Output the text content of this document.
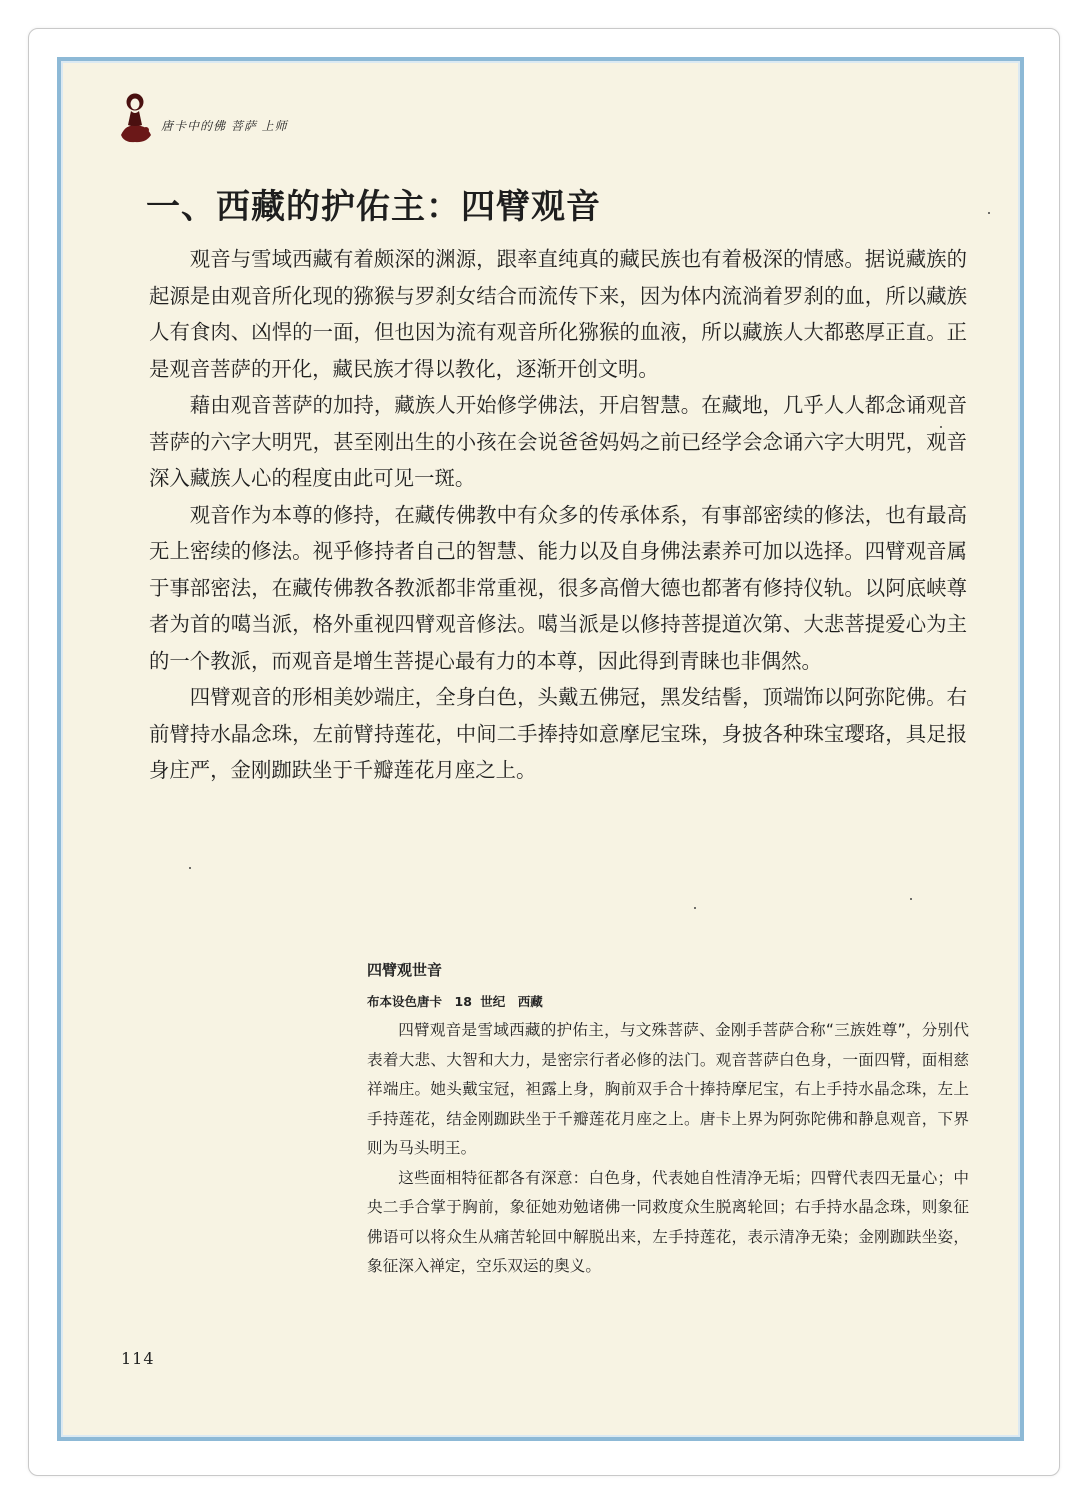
唐卡中的佛 菩萨 上师
一、西藏的护佑主：四臂观音

观音与雪域西藏有着颇深的渊源，跟率直纯真的藏民族也有着极深的情感。据说藏族的起源是由观音所化现的猕猴与罗刹女结合而流传下来，因为体内流淌着罗刹的血，所以藏族人有食肉、凶悍的一面，但也因为流有观音所化猕猴的血液，所以藏族人大都憨厚正直。正是观音菩萨的开化，藏民族才得以教化，逐渐开创文明。

藉由观音菩萨的加持，藏族人开始修学佛法，开启智慧。在藏地，几乎人人都念诵观音菩萨的六字大明咒，甚至刚出生的小孩在会说爸爸妈妈之前已经学会念诵六字大明咒，观音深入藏族人心的程度由此可见一斑。

观音作为本尊的修持，在藏传佛教中有众多的传承体系，有事部密续的修法，也有最高无上密续的修法。视乎修持者自己的智慧、能力以及自身佛法素养可加以选择。四臂观音属于事部密法，在藏传佛教各教派都非常重视，很多高僧大德也都著有修持仪轨。以阿底峡尊者为首的噶当派，格外重视四臂观音修法。噶当派是以修持菩提道次第、大悲菩提爱心为主的一个教派，而观音是增生菩提心最有力的本尊，因此得到青睐也非偶然。

四臂观音的形相美妙端庄，全身白色，头戴五佛冠，黑发结髻，顶端饰以阿弥陀佛。右前臂持水晶念珠，左前臂持莲花，中间二手捧持如意摩尼宝珠，身披各种珠宝璎珞，具足报身庄严，金刚跏趺坐于千瓣莲花月座之上。

四臂观世音
布本设色唐卡　18 世纪　西藏

四臂观音是雪域西藏的护佑主，与文殊菩萨、金刚手菩萨合称“三族姓尊”，分别代表着大悲、大智和大力，是密宗行者必修的法门。观音菩萨白色身，一面四臂，面相慈祥端庄。她头戴宝冠，袒露上身，胸前双手合十捧持摩尼宝，右上手持水晶念珠，左上手持莲花，结金刚跏趺坐于千瓣莲花月座之上。唐卡上界为阿弥陀佛和静息观音，下界则为马头明王。

这些面相特征都各有深意：白色身，代表她自性清净无垢；四臂代表四无量心；中央二手合掌于胸前，象征她劝勉诸佛一同救度众生脱离轮回；右手持水晶念珠，则象征佛语可以将众生从痛苦轮回中解脱出来，左手持莲花，表示清净无染；金刚跏趺坐姿，象征深入禅定，空乐双运的奥义。

114
